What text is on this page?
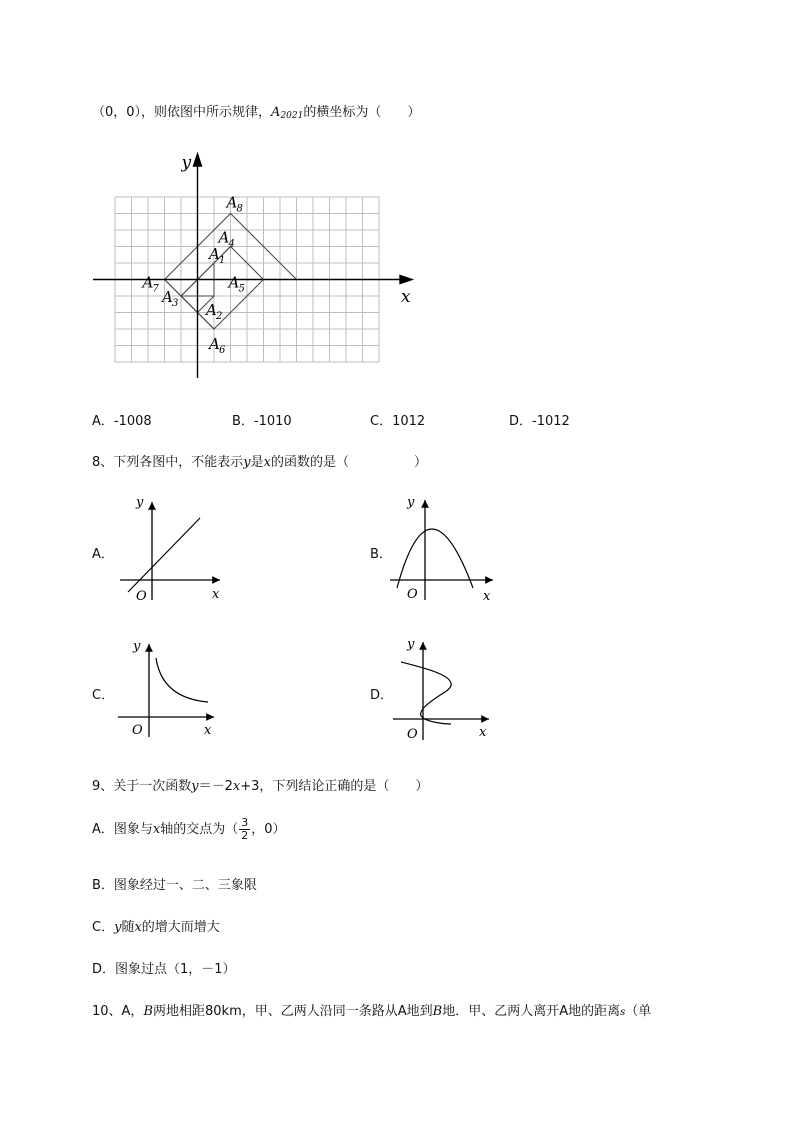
（0，0），则依图中所示规律，$A_{2021}$的横坐标为（　　）
x
y
A 1
A 2
A 3
A 4
A 5
A 6
A 7
A 8
A．-1008	B．-1010	C．1012	D．-1012
8、下列各图中，不能表示y是x的函数的是（　　　　　）
A．	B．
C．	D．
O	x
y
O	x
y
O	x
y
O	x
y
9、关于一次函数y＝－2x+3，下列结论正确的是（　　）
A．图象与x轴的交点为（ $\frac{3}{2}$ ，0）
B．图象经过一、二、三象限
C．y随x的增大而增大
D．图象过点（1，－1）
10、A，B两地相距80km，甲、乙两人沿同一条路从A地到B地．甲、乙两人离开A地的距离s（单
